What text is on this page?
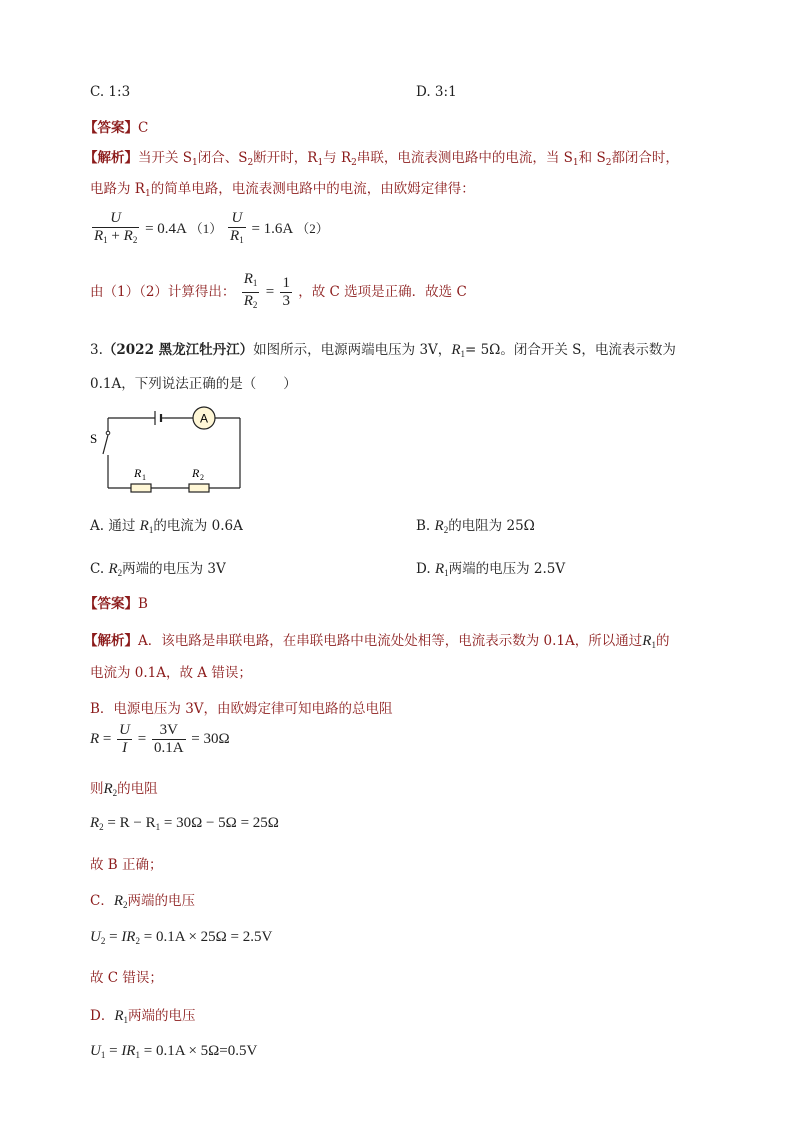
C. 1:3	D. 3:1
【答案】C
【解析】当开关 $S_1$闭合、$S_2$断开时，$R_1$与 $R_2$串联，电流表测电路中的电流，当 $S_1$和 $S_2$都闭合时，
电路为 $R_1$的简单电路，电流表测电路中的电流，由欧姆定律得：
$\frac{U}{R_1 + R_2} = 0.4A$ $(1) \frac{U}{R_1} = 1.6A$ （2）
由（1）（2）计算得出： $\frac{R_1}{R_2} = \frac{1}{3}$ ，故 C 选项是正确．故选 C
3.（2022 黑龙江牡丹江）如图所示，电源两端电压为 3V，$R_1= 5\Omega$。闭合开关 S，电流表示数为
0.1A，下列说法正确的是（　　）
S
A
R 1	R 2
A. 通过 $R_1$的电流为 0.6A	B. $R_2$的电阻为 25Ω
C. $R_2$两端的电压为 3V	D. $R_1$两端的电压为 2.5V
【答案】B
【解析】A．该电路是串联电路，在串联电路中电流处处相等，电流表示数为 0.1A，所以通过$R_1$的
电流为 0.1A，故 A 错误；
B．电源电压为 3V，由欧姆定律可知电路的总电阻
$R = \frac{U}{I} = \frac{3V}{0.1A} = 30\Omega$
则$R_2$的电阻
$R_2 = R - R_1 = 30\Omega - 5\Omega = 25\Omega$
故 B 正确；
C．$R_2$两端的电压
$U_2 = IR_2 = 0.1A \times 25\Omega = 2.5V$
故 C 错误；
D．$R_1$两端的电压
$U_1 = IR_1 = 0.1A \times 5\Omega=0.5V$
